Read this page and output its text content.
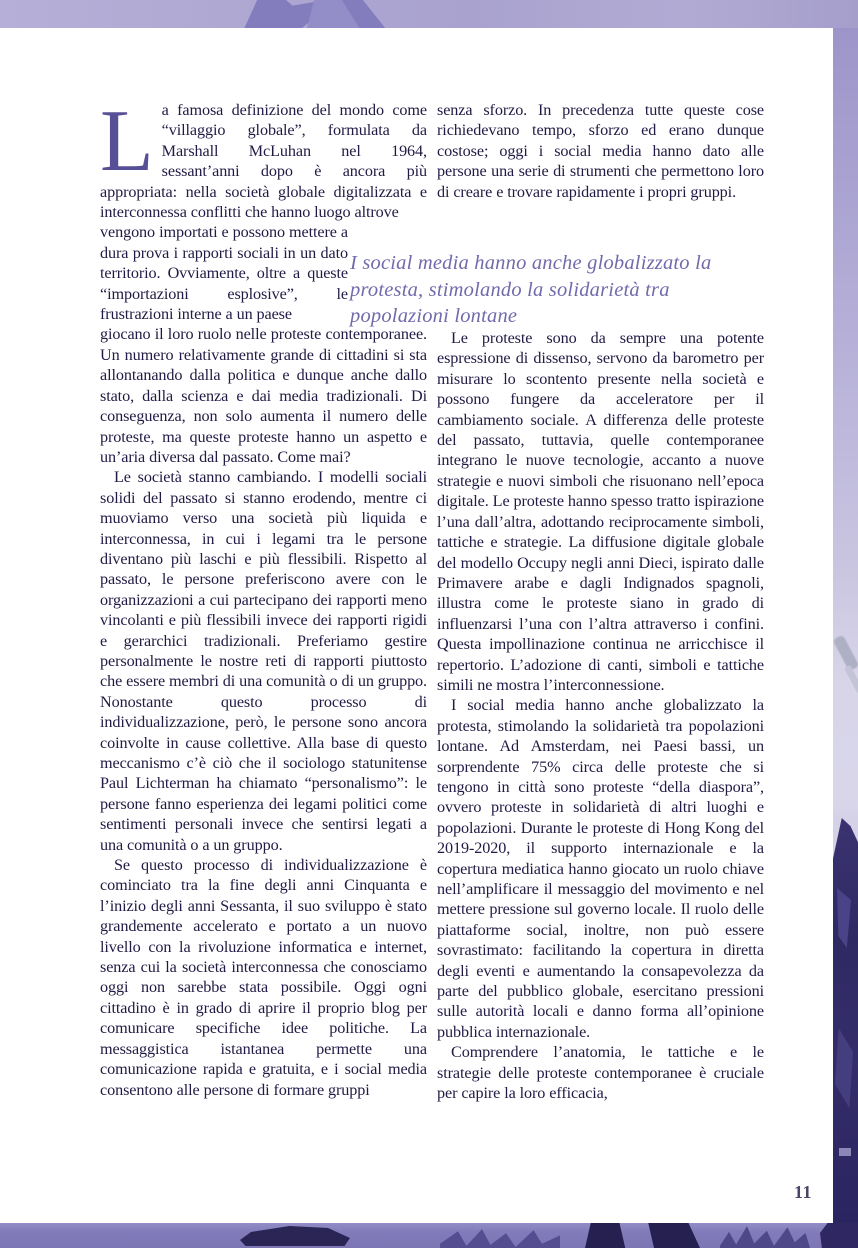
La famosa definizione del mondo come “villaggio globale”, formulata da Marshall McLuhan nel 1964, sessant’anni dopo è ancora più appropriata: nella società globale digitalizzata e interconnessa conflitti che hanno luogo altrove

vengono importati e possono mettere a dura prova i rapporti sociali in un dato territorio. Ovviamente, oltre a queste “importazioni esplosive”, le frustrazioni interne a un paese

giocano il loro ruolo nelle proteste contemporanee. Un numero relativamente grande di cittadini si sta allontanando dalla politica e dunque anche dallo stato, dalla scienza e dai media tradizionali. Di conseguenza, non solo aumenta il numero delle proteste, ma queste proteste hanno un aspetto e un’aria diversa dal passato. Come mai?

Le società stanno cambiando. I modelli sociali solidi del passato si stanno erodendo, mentre ci muoviamo verso una società più liquida e interconnessa, in cui i legami tra le persone diventano più laschi e più flessibili. Rispetto al passato, le persone preferiscono avere con le organizzazioni a cui partecipano dei rapporti meno vincolanti e più flessibili invece dei rapporti rigidi e gerarchici tradizionali. Preferiamo gestire personalmente le nostre reti di rapporti piuttosto che essere membri di una comunità o di un gruppo. Nonostante questo processo di individualizzazione, però, le persone sono ancora coinvolte in cause collettive. Alla base di questo meccanismo c’è ciò che il sociologo statunitense Paul Lichterman ha chiamato “personalismo”: le persone fanno esperienza dei legami politici come sentimenti personali invece che sentirsi legati a una comunità o a un gruppo.

Se questo processo di individualizzazione è cominciato tra la fine degli anni Cinquanta e l’inizio degli anni Sessanta, il suo sviluppo è stato grandemente accelerato e portato a un nuovo livello con la rivoluzione informatica e internet, senza cui la società interconnessa che conosciamo oggi non sarebbe stata possibile. Oggi ogni cittadino è in grado di aprire il proprio blog per comunicare specifiche idee politiche. La messaggistica istantanea permette una comunicazione rapida e gratuita, e i social media consentono alle persone di formare gruppi

senza sforzo. In precedenza tutte queste cose richiedevano tempo, sforzo ed erano dunque costose; oggi i social media hanno dato alle persone una serie di strumenti che permettono loro di creare e trovare rapidamente i propri gruppi.

Le proteste sono da sempre una potente espressione di dissenso, servono da barometro per misurare lo scontento presente nella società e possono fungere da acceleratore per il cambiamento sociale. A differenza delle proteste del passato, tuttavia, quelle contemporanee integrano le nuove tecnologie, accanto a nuove strategie e nuovi simboli che risuonano nell’epoca digitale. Le proteste hanno spesso tratto ispirazione l’una dall’altra, adottando reciprocamente simboli, tattiche e strategie. La diffusione digitale globale del modello Occupy negli anni Dieci, ispirato dalle Primavere arabe e dagli Indignados spagnoli, illustra come le proteste siano in grado di influenzarsi l’una con l’altra attraverso i confini. Questa impollinazione continua ne arricchisce il repertorio. L’adozione di canti, simboli e tattiche simili ne mostra l’interconnessione.

I social media hanno anche globalizzato la protesta, stimolando la solidarietà tra popolazioni lontane. Ad Amsterdam, nei Paesi bassi, un sorprendente 75% circa delle proteste che si tengono in città sono proteste “della diaspora”, ovvero proteste in solidarietà di altri luoghi e popolazioni. Durante le proteste di Hong Kong del 2019-2020, il supporto internazionale e la copertura mediatica hanno giocato un ruolo chiave nell’amplificare il messaggio del movimento e nel mettere pressione sul governo locale. Il ruolo delle piattaforme social, inoltre, non può essere sovrastimato: facilitando la copertura in diretta degli eventi e aumentando la consapevolezza da parte del pubblico globale, esercitano pressioni sulle autorità locali e danno forma all’opinione pubblica internazionale.

Comprendere l’anatomia, le tattiche e le strategie delle proteste contemporanee è cruciale per capire la loro efficacia,

I social media hanno anche globalizzato la protesta, stimolando la solidarietà tra popolazioni lontane
11
